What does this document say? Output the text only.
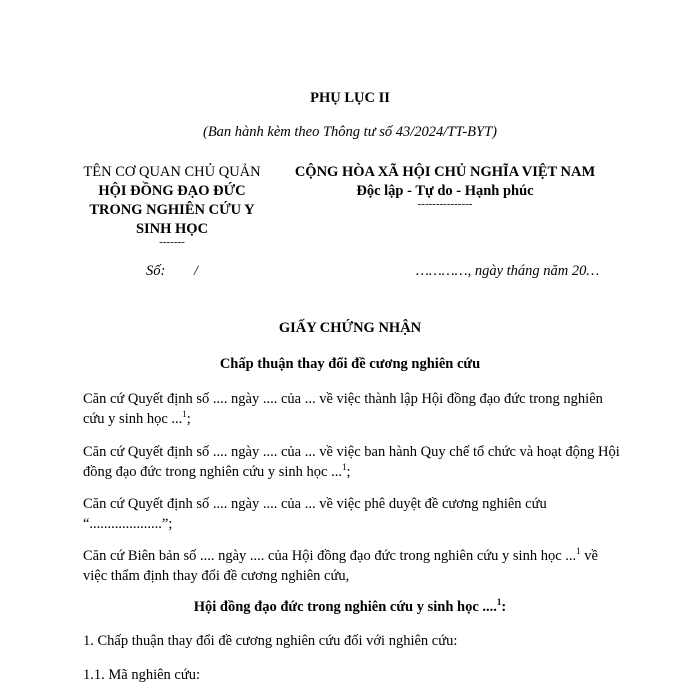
PHỤ LỤC II
(Ban hành kèm theo Thông tư số 43/2024/TT-BYT)
TÊN CƠ QUAN CHỦ QUẢN
HỘI ĐỒNG ĐẠO ĐỨC
TRONG NGHIÊN CỨU Y
SINH HỌC
-------
Số: /
CỘNG HÒA XÃ HỘI CHỦ NGHĨA VIỆT NAM
Độc lập - Tự do - Hạnh phúc
---------------
…………, ngày tháng năm 20…
GIẤY CHỨNG NHẬN
Chấp thuận thay đổi đề cương nghiên cứu
Căn cứ Quyết định số .... ngày .... của ... về việc thành lập Hội đồng đạo đức trong nghiên cứu y sinh học ...$^1$;
Căn cứ Quyết định số .... ngày .... của ... về việc ban hành Quy chế tổ chức và hoạt động Hội đồng đạo đức trong nghiên cứu y sinh học ...$^1$;
Căn cứ Quyết định số .... ngày .... của ... về việc phê duyệt đề cương nghiên cứu “....................”;
Căn cứ Biên bản số .... ngày .... của Hội đồng đạo đức trong nghiên cứu y sinh học ...$^1$ về việc thẩm định thay đổi đề cương nghiên cứu,
Hội đồng đạo đức trong nghiên cứu y sinh học ....$^1$:
1. Chấp thuận thay đổi đề cương nghiên cứu đối với nghiên cứu:
1.1. Mã nghiên cứu:
